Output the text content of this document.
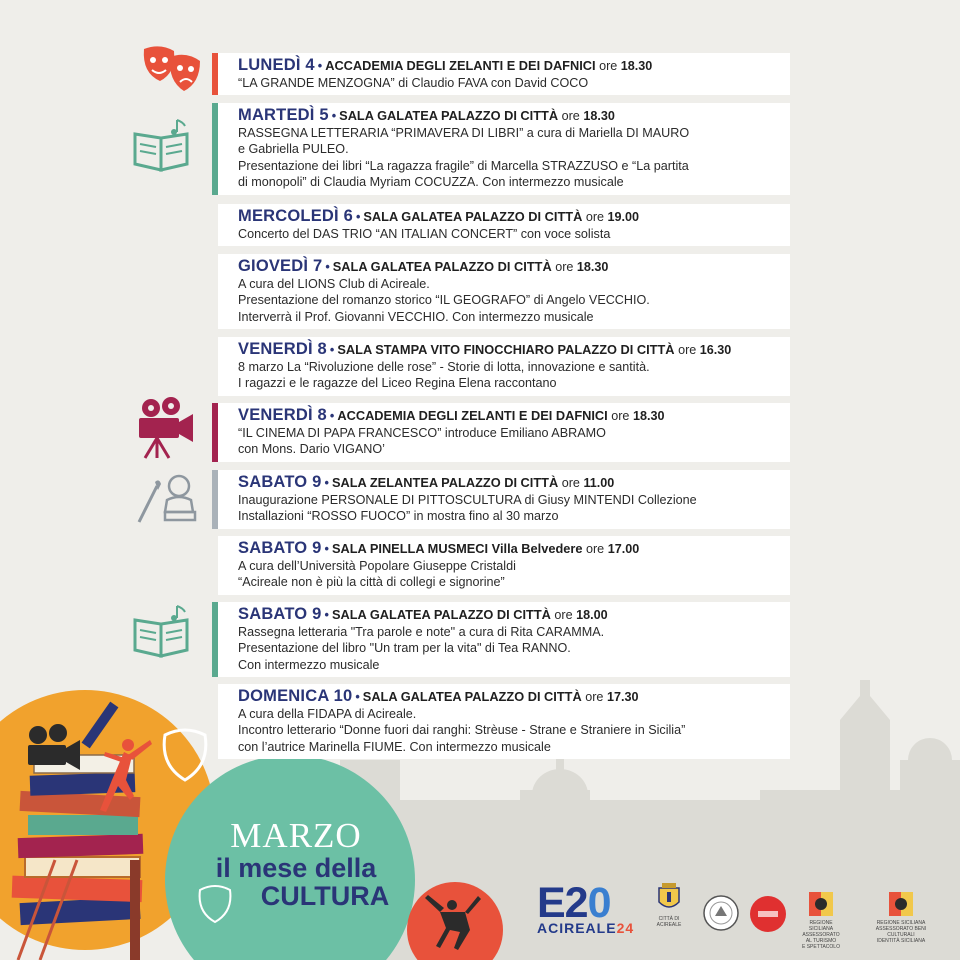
LUNEDÌ 4 • ACCADEMIA DEGLI ZELANTI E DEI DAFNICI ore 18.30
“LA GRANDE MENZOGNA” di Claudio FAVA con David COCO
MARTEDÌ 5 • SALA GALATEA PALAZZO DI CITTÀ ore 18.30
RASSEGNA LETTERARIA “PRIMAVERA DI LIBRI” a cura di Mariella DI MAURO
e Gabriella PULEO.
Presentazione dei libri “La ragazza fragile” di Marcella STRAZZUSO e “La partita
di monopoli” di Claudia Myriam COCUZZA. Con intermezzo musicale
MERCOLEDÌ 6 • SALA GALATEA PALAZZO DI CITTÀ ore 19.00
Concerto del DAS TRIO “AN ITALIAN CONCERT” con voce solista
GIOVEDÌ 7 • SALA GALATEA PALAZZO DI CITTÀ ore 18.30
A cura del LIONS Club di Acireale.
Presentazione del romanzo storico “IL GEOGRAFO” di Angelo VECCHIO.
Interverrà il Prof. Giovanni VECCHIO. Con intermezzo musicale
VENERDÌ 8 • SALA STAMPA VITO FINOCCHIARO PALAZZO DI CITTÀ ore 16.30
8 marzo La “Rivoluzione delle rose” - Storie di lotta, innovazione e santità.
I ragazzi e le ragazze del Liceo Regina Elena raccontano
VENERDÌ 8 • ACCADEMIA DEGLI ZELANTI E DEI DAFNICI ore 18.30
“IL CINEMA DI PAPA FRANCESCO” introduce Emiliano ABRAMO
con Mons. Dario VIGANO’
SABATO 9 • SALA ZELANTEA PALAZZO DI CITTÀ ore 11.00
Inaugurazione PERSONALE DI PITTOSCULTURA di Giusy MINTENDI Collezione
Installazioni “ROSSO FUOCO” in mostra fino al 30 marzo
SABATO 9 • SALA PINELLA MUSMECI Villa Belvedere ore 17.00
A cura dell’Università Popolare Giuseppe Cristaldi
“Acireale non è più la città di collegi e signorine”
SABATO 9 • SALA GALATEA PALAZZO DI CITTÀ ore 18.00
Rassegna letteraria "Tra parole e note" a cura di Rita CARAMMA.
Presentazione del libro "Un tram per la vita" di Tea RANNO.
Con intermezzo musicale
DOMENICA 10 • SALA GALATEA PALAZZO DI CITTÀ ore 17.30
A cura della FIDAPA di Acireale.
Incontro letterario “Donne fuori dai ranghi: Strèuse - Strane e Straniere in Sicilia”
con l’autrice Marinella FIUME. Con intermezzo musicale
MARZO
il mese della
CULTURA	E20
ACIREALE24
CITTÀ DI ACIREALE	REGIONE SICILIANA
ASSESSORATO AL TURISMO
E SPETTACOLO
REGIONE SICILIANA
ASSESSORATO BENI CULTURALI
IDENTITÀ SICILIANA
